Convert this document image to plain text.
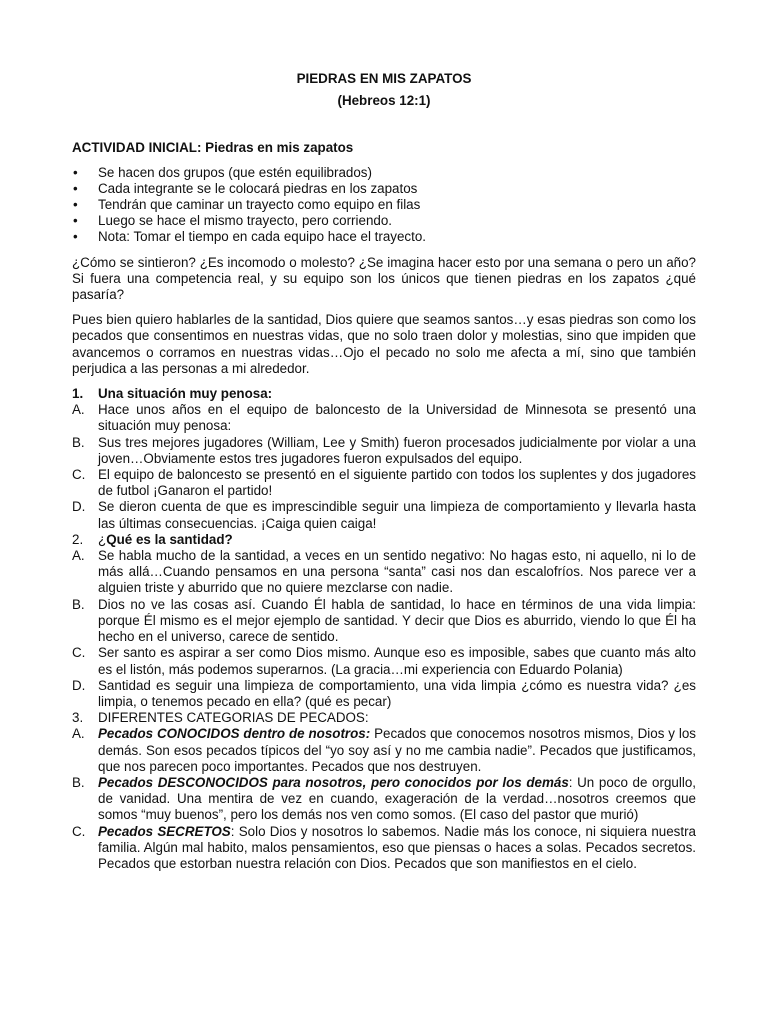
PIEDRAS EN MIS ZAPATOS

(Hebreos 12:1)

ACTIVIDAD INICIAL: Piedras en mis zapatos
• Se hacen dos grupos (que estén equilibrados)
• Cada integrante se le colocará piedras en los zapatos
• Tendrán que caminar un trayecto como equipo en filas
• Luego se hace el mismo trayecto, pero corriendo.
• Nota: Tomar el tiempo en cada equipo hace el trayecto.

¿Cómo se sintieron? ¿Es incomodo o molesto? ¿Se imagina hacer esto por una semana o pero un año? Si fuera una competencia real, y su equipo son los únicos que tienen piedras en los zapatos ¿qué pasaría?

Pues bien quiero hablarles de la santidad, Dios quiere que seamos santos…y esas piedras son como los pecados que consentimos en nuestras vidas, que no solo traen dolor y molestias, sino que impiden que avancemos o corramos en nuestras vidas…Ojo el pecado no solo me afecta a mí, sino que también perjudica a las personas a mi alrededor.

1.	Una situación muy penosa:
A. Hace unos años en el equipo de baloncesto de la Universidad de Minnesota se presentó una situación muy penosa:
B. Sus tres mejores jugadores (William, Lee y Smith) fueron procesados judicialmente por violar a una joven…Obviamente estos tres jugadores fueron expulsados del equipo.
C. El equipo de baloncesto se presentó en el siguiente partido con todos los suplentes y dos jugadores de futbol ¡Ganaron el partido!
D. Se dieron cuenta de que es imprescindible seguir una limpieza de comportamiento y llevarla hasta las últimas consecuencias. ¡Caiga quien caiga!
2.	¿Qué es la santidad?
A. Se habla mucho de la santidad, a veces en un sentido negativo: No hagas esto, ni aquello, ni lo de más allá…Cuando pensamos en una persona “santa” casi nos dan escalofríos. Nos parece ver a alguien triste y aburrido que no quiere mezclarse con nadie.
B. Dios no ve las cosas así. Cuando Él habla de santidad, lo hace en términos de una vida limpia: porque Él mismo es el mejor ejemplo de santidad. Y decir que Dios es aburrido, viendo lo que Él ha hecho en el universo, carece de sentido.
C. Ser santo es aspirar a ser como Dios mismo. Aunque eso es imposible, sabes que cuanto más alto es el listón, más podemos superarnos. (La gracia…mi experiencia con Eduardo Polania)
D. Santidad es seguir una limpieza de comportamiento, una vida limpia ¿cómo es nuestra vida? ¿es limpia, o tenemos pecado en ella? (qué es pecar)
3.	DIFERENTES CATEGORIAS DE PECADOS:
A. Pecados CONOCIDOS dentro de nosotros: Pecados que conocemos nosotros mismos, Dios y los demás. Son esos pecados típicos del “yo soy así y no me cambia nadie”. Pecados que justificamos, que nos parecen poco importantes. Pecados que nos destruyen.
B. Pecados DESCONOCIDOS para nosotros, pero conocidos por los demás: Un poco de orgullo, de vanidad. Una mentira de vez en cuando, exageración de la verdad…nosotros creemos que somos “muy buenos”, pero los demás nos ven como somos. (El caso del pastor que murió)
C. Pecados SECRETOS: Solo Dios y nosotros lo sabemos. Nadie más los conoce, ni siquiera nuestra familia. Algún mal habito, malos pensamientos, eso que piensas o haces a solas. Pecados secretos. Pecados que estorban nuestra relación con Dios. Pecados que son manifiestos en el cielo.
